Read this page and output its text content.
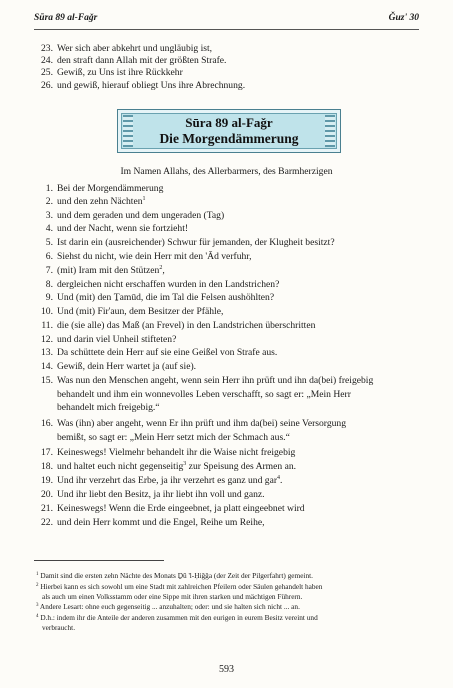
Sūra 89 al-Faǧr	Ǧuz' 30
23. Wer sich aber abkehrt und ungläubig ist,
24. den straft dann Allah mit der größten Strafe.
25. Gewiß, zu Uns ist ihre Rückkehr
26. und gewiß, hierauf obliegt Uns ihre Abrechnung.
Sūra 89 al-Faǧr
Die Morgendämmerung
Im Namen Allahs, des Allerbarmers, des Barmherzigen
1. Bei der Morgendämmerung
2. und den zehn Nächten$^1$
3. und dem geraden und dem ungeraden (Tag)
4. und der Nacht, wenn sie fortzieht!
5. Ist darin ein (ausreichender) Schwur für jemanden, der Klugheit besitzt?
6. Siehst du nicht, wie dein Herr mit den 'Ād verfuhr,
7. (mit) Iram mit den Stützen$^2$,
8. dergleichen nicht erschaffen wurden in den Landstrichen?
9. Und (mit) den Ṯamūd, die im Tal die Felsen aushöhlten?
10. Und (mit) Fir'aun, dem Besitzer der Pfähle,
11. die (sie alle) das Maß (an Frevel) in den Landstrichen überschritten
12. und darin viel Unheil stifteten?
13. Da schüttete dein Herr auf sie eine Geißel von Strafe aus.
14. Gewiß, dein Herr wartet ja (auf sie).
15. Was nun den Menschen angeht, wenn sein Herr ihn prüft und ihn da(bei) freigebig
behandelt und ihm ein wonnevolles Leben verschafft, so sagt er: „Mein Herr
behandelt mich freigebig.“
16. Was (ihn) aber angeht, wenn Er ihn prüft und ihm da(bei) seine Versorgung
bemißt, so sagt er: „Mein Herr setzt mich der Schmach aus.“
17. Keineswegs! Vielmehr behandelt ihr die Waise nicht freigebig
18. und haltet euch nicht gegenseitig$^3$ zur Speisung des Armen an.
19. Und ihr verzehrt das Erbe, ja ihr verzehrt es ganz und gar$^4$.
20. Und ihr liebt den Besitz, ja ihr liebt ihn voll und ganz.
21. Keineswegs! Wenn die Erde eingeebnet, ja platt eingeebnet wird
22. und dein Herr kommt und die Engel, Reihe um Reihe,
$^1$ Damit sind die ersten zehn Nächte des Monats Ḏū 'l-Ḥiǧǧa (der Zeit der Pilgerfahrt) gemeint.
$^2$ Hierbei kann es sich sowohl um eine Stadt mit zahlreichen Pfeilern oder Säulen gehandelt haben
als auch um einen Volksstamm oder eine Sippe mit ihren starken und mächtigen Führern.
$^3$ Andere Lesart: ohne euch gegenseitig ... anzuhalten; oder: und sie halten sich nicht ... an.
$^4$ D.h.: indem ihr die Anteile der anderen zusammen mit den eurigen in eurem Besitz vereint und
verbraucht.
593
